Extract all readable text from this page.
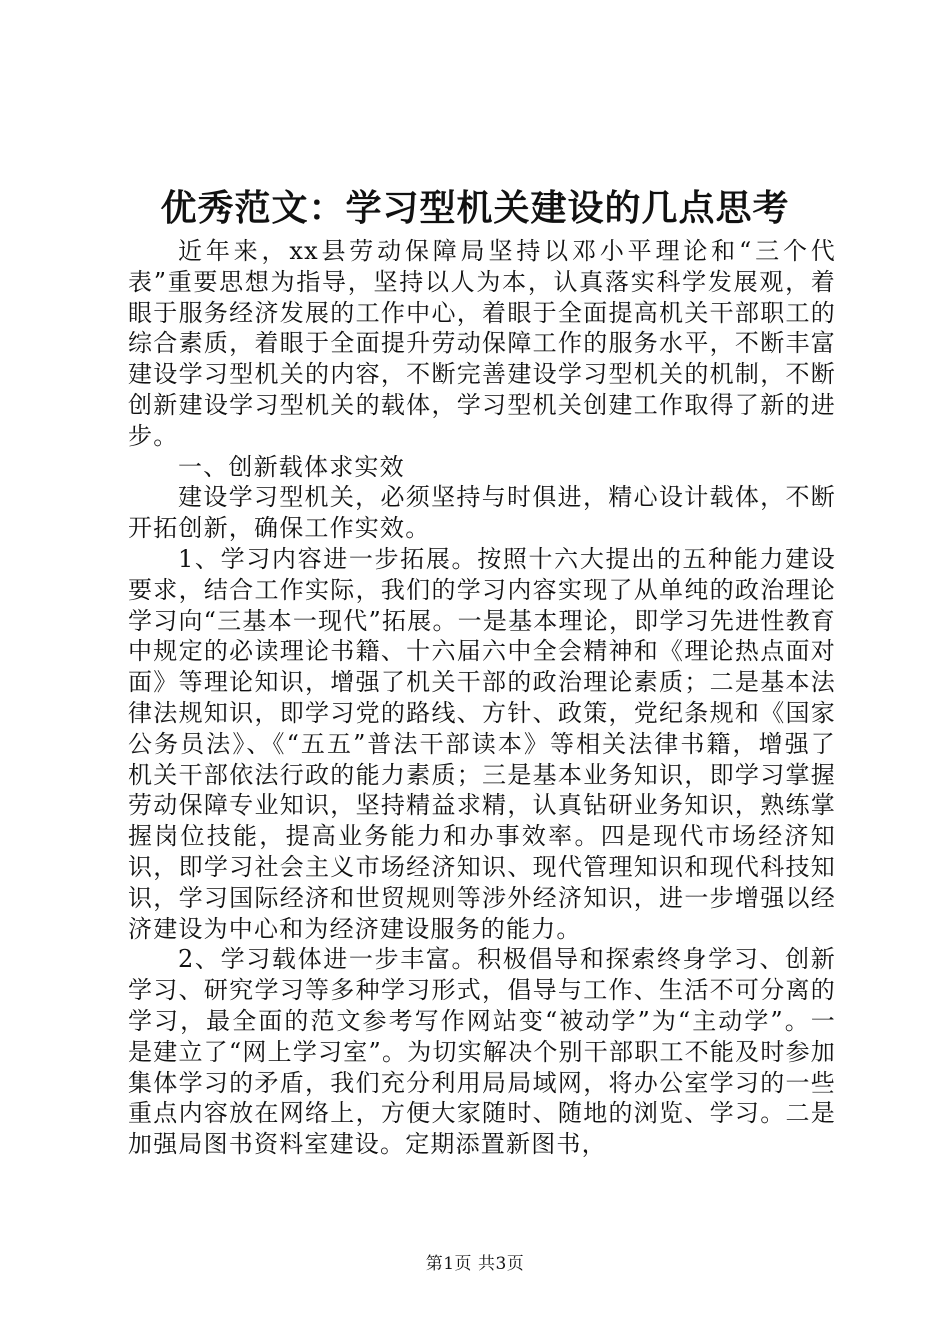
优秀范文：学习型机关建设的几点思考

近年来，xx县劳动保障局坚持以邓小平理论和“三个代表”重要思想为指导，坚持以人为本，认真落实科学发展观，着眼于服务经济发展的工作中心，着眼于全面提高机关干部职工的综合素质，着眼于全面提升劳动保障工作的服务水平，不断丰富建设学习型机关的内容，不断完善建设学习型机关的机制，不断创新建设学习型机关的载体，学习型机关创建工作取得了新的进步。

一、创新载体求实效

建设学习型机关，必须坚持与时俱进，精心设计载体，不断开拓创新，确保工作实效。

1、学习内容进一步拓展。按照十六大提出的五种能力建设要求，结合工作实际，我们的学习内容实现了从单纯的政治理论学习向“三基本一现代”拓展。一是基本理论，即学习先进性教育中规定的必读理论书籍、十六届六中全会精神和《理论热点面对面》等理论知识，增强了机关干部的政治理论素质；二是基本法律法规知识，即学习党的路线、方针、政策，党纪条规和《国家公务员法》、《“五五”普法干部读本》等相关法律书籍，增强了机关干部依法行政的能力素质；三是基本业务知识，即学习掌握劳动保障专业知识，坚持精益求精，认真钻研业务知识，熟练掌握岗位技能，提高业务能力和办事效率。四是现代市场经济知识，即学习社会主义市场经济知识、现代管理知识和现代科技知识，学习国际经济和世贸规则等涉外经济知识，进一步增强以经济建设为中心和为经济建设服务的能力。

2、学习载体进一步丰富。积极倡导和探索终身学习、创新学习、研究学习等多种学习形式，倡导与工作、生活不可分离的学习，最全面的范文参考写作网站变“被动学”为“主动学”。一是建立了“网上学习室”。为切实解决个别干部职工不能及时参加集体学习的矛盾，我们充分利用局局域网，将办公室学习的一些重点内容放在网络上，方便大家随时、随地的浏览、学习。二是加强局图书资料室建设。定期添置新图书，

第1页 共3页
